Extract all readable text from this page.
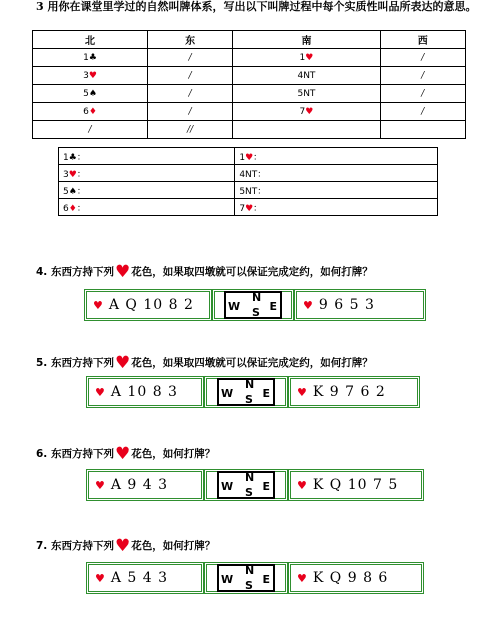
3 用你在课堂里学过的自然叫牌体系，写出以下叫牌过程中每个实质性叫品所表达的意思。
北	东	南	西
1♣	/	1♥	/
3♥	/	4NT	/
5♠	/	5NT	/
6♦	/	7♥	/
/	//		
1♣：	1♥：
3♥：	4NT：
5♠：	5NT：
6♦：	7♥：
4. 东西方持下列♥花色，如果取四墩就可以保证完成定约，如何打牌？
♥ A Q 10 8 2	N
W	E
S
♥ 9 6 5 3
5. 东西方持下列♥花色，如果取四墩就可以保证完成定约，如何打牌？
♥ A 10 8 3	N
W	E
S
♥ K 9 7 6 2
6. 东西方持下列♥花色，如何打牌？
♥ A 9 4 3	N
W	E
S
♥ K Q 10 7 5
7. 东西方持下列♥花色，如何打牌？
♥ A 5 4 3	N
W	E
S
♥ K Q 9 8 6
